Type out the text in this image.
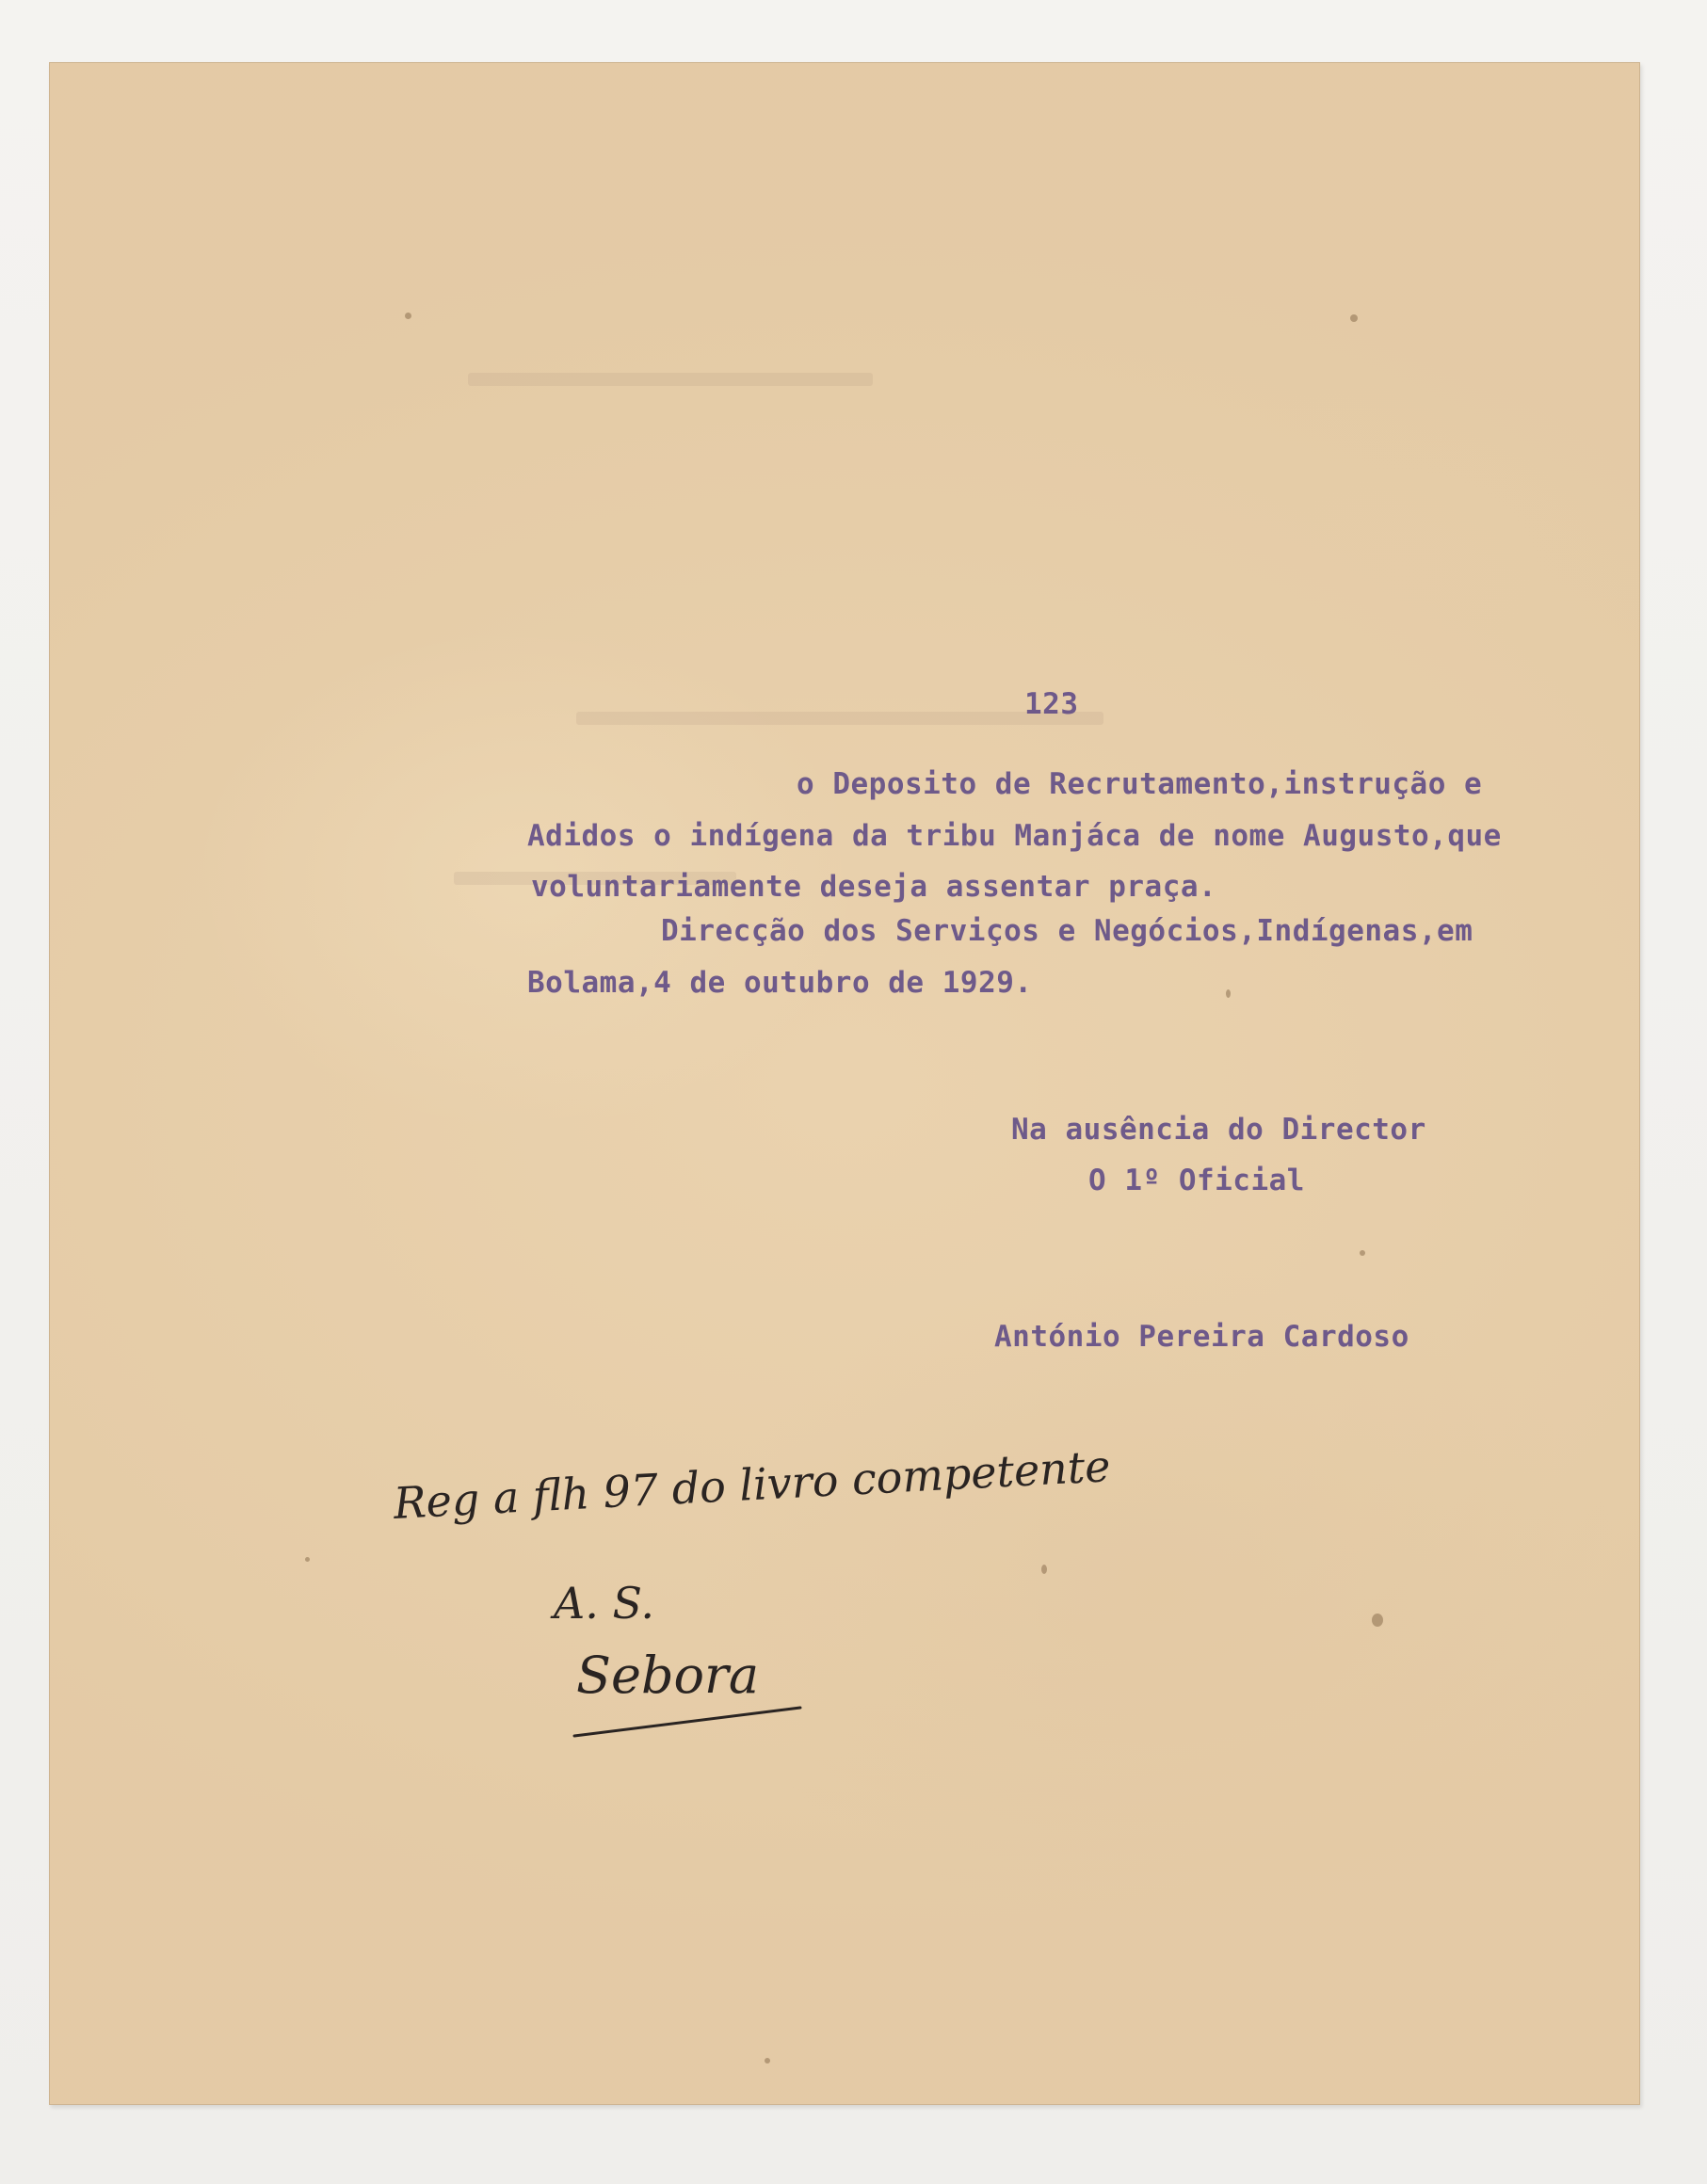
123
o Deposito de Recrutamento,instrução e
Adidos o indígena da tribu Manjáca de nome Augusto,que
voluntariamente deseja assentar praça.
Direcção dos Serviços e Negócios,Indígenas,em
Bolama,4 de outubro de 1929.
Na ausência do Director
O 1º Oficial
António Pereira Cardoso
Reg a flh 97 do livro competente
A. S.
Sebora
